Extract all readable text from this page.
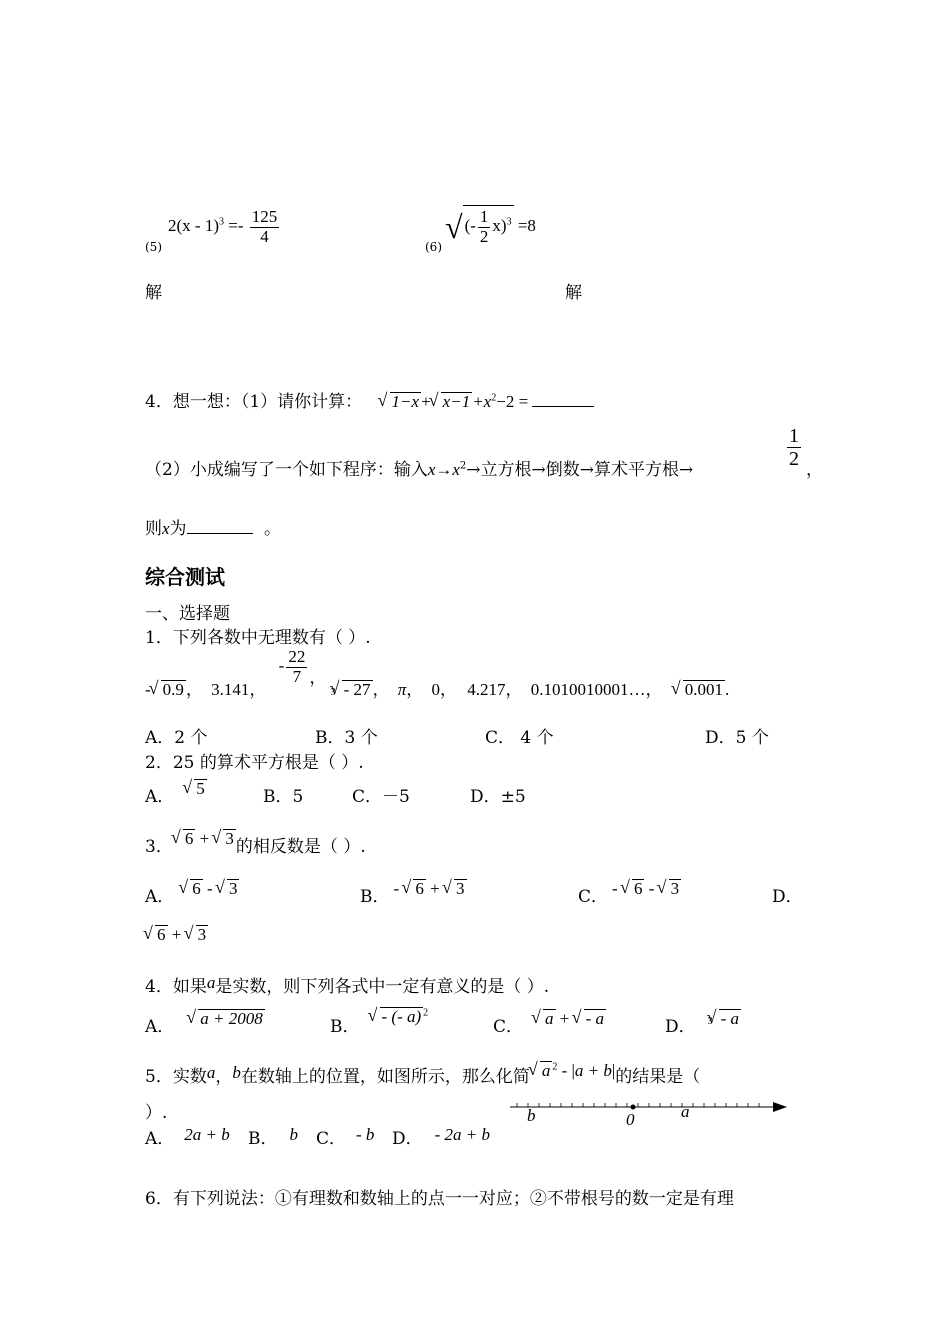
(5)
$2(x - 1)^3 =- \frac{125}{4}$
(6)
√ (- $\frac{1}{2} x)^3 =8$
解	解
4．想一想：（1）请你计算： √ 1−x + √ $x-1 +x^2-2$ =
（2）小成编写了一个如下程序：输入$x\to x^2\to$立方根→倒数→算术平方根→	$\frac{1}{2}$ ，
则x为	。
综合测试
一、选择题
1．下列各数中无理数有（ ）.
- √ 0.9 ， 3.141， - $\frac{22}{7}$ ， $_3$ √ - 27 ， π， 0， 4.217， 0.1010010001…， √ 0.001 .
A．2 个	B．3 个	C． 4 个	D．5 个
2．25 的算术平方根是（ ）.
A． √ 5	B．5	C．－5	D．±5
3． √ 6 + √ 3 的相反数是（ ）.
A． √ 6 - √ 3	B． - √ 6 + √ 3	C． - √ 6 - √ 3	D．
√ 6 + √ 3
4．如果a是实数，则下列各式中一定有意义的是（ ）.
A． √ a + 2008	B．√ - (- a) $^2$
C． √ a + √ - a	D． $^3$ √ - a
5．实数a，b在数轴上的位置，如图所示，那么化简 √ a $^2$ - |a + b|的结果是（
）.
A． 2a + b B． b C． - b D． - 2a + b
b	0	a
6．有下列说法：①有理数和数轴上的点一一对应；②不带根号的数一定是有理
